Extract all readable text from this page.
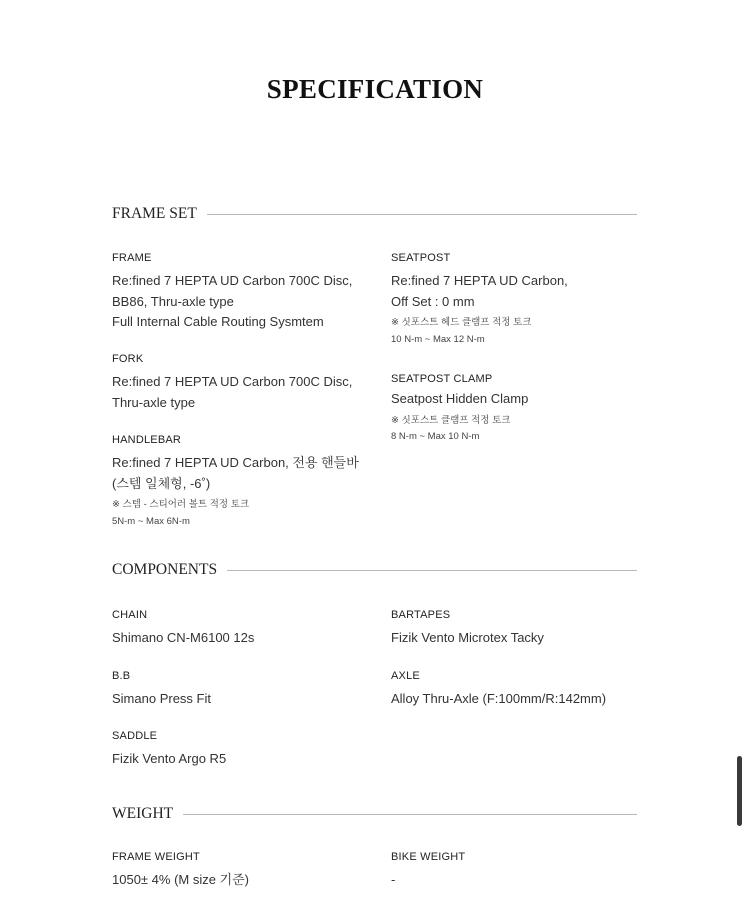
SPECIFICATION
FRAME SET
FRAME
Re:fined 7 HEPTA UD Carbon 700C Disc,
BB86, Thru-axle type
Full Internal Cable Routing Sysmtem
FORK
Re:fined 7 HEPTA UD Carbon 700C Disc,
Thru-axle type
HANDLEBAR
Re:fined 7 HEPTA UD Carbon, 전용 핸들바
(스템 일체형, -6˚)
※ 스템 - 스티어러 볼트 적정 토크
5N-m ~ Max 6N-m
SEATPOST
Re:fined 7 HEPTA UD Carbon,
Off Set : 0 mm
※ 싯포스트 헤드 클램프 적정 토크
10 N-m ~ Max 12 N-m
SEATPOST CLAMP
Seatpost Hidden Clamp
※ 싯포스트 클램프 적정 토크
8 N-m ~ Max 10 N-m
COMPONENTS
CHAIN
Shimano CN-M6100 12s
BARTAPES
Fizik Vento Microtex Tacky
B.B
Simano Press Fit
AXLE
Alloy Thru-Axle (F:100mm/R:142mm)
SADDLE
Fizik Vento Argo R5
WEIGHT
FRAME WEIGHT
1050± 4% (M size 기준)
BIKE WEIGHT
-
